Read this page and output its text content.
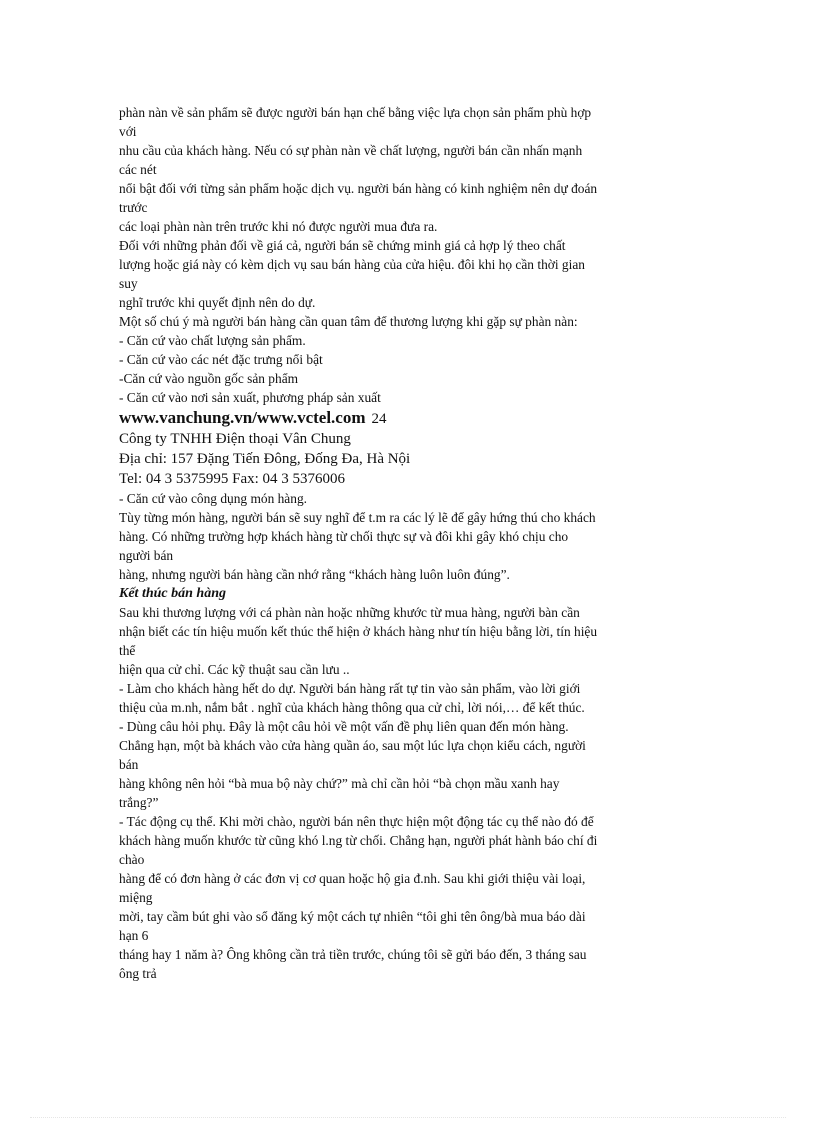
phàn nàn về sản phẩm sẽ được người bán hạn chế bằng việc lựa chọn sản phẩm phù hợp
với
nhu cầu của khách hàng. Nếu có sự phàn nàn về chất lượng, người bán cần nhấn mạnh
các nét
nổi bật đối với từng sản phẩm hoặc dịch vụ. người bán hàng có kinh nghiệm nên dự đoán
trước
các loại phàn nàn trên trước khi nó được người mua đưa ra.
Đối với những phản đối về giá cả, người bán sẽ chứng minh giá cả hợp lý theo chất
lượng hoặc giá này có kèm dịch vụ sau bán hàng của cửa hiệu. đôi khi họ cần thời gian
suy
nghĩ trước khi quyết định nên do dự.
Một số chú ý mà người bán hàng cần quan tâm để thương lượng khi gặp sự phàn nàn:
- Căn cứ vào chất lượng sản phẩm.
- Căn cứ vào các nét đặc trưng nổi bật
-Căn cứ vào nguồn gốc sản phẩm
- Căn cứ vào nơi sản xuất, phương pháp sản xuất
www.vanchung.vn/www.vctel.com 24
Công ty TNHH Điện thoại Vân Chung
Địa chỉ: 157 Đặng Tiến Đông, Đống Đa, Hà Nội
Tel: 04 3 5375995 Fax: 04 3 5376006
- Căn cứ vào công dụng món hàng.
Tùy từng món hàng, người bán sẽ suy nghĩ để t.m ra các lý lẽ để gây hứng thú cho khách
hàng. Có những trường hợp khách hàng từ chối thực sự và đôi khi gây khó chịu cho
người bán
hàng, nhưng người bán hàng cần nhớ rằng “khách hàng luôn luôn đúng”.
Kết thúc bán hàng
Sau khi thương lượng với cá phàn nàn hoặc những khước từ mua hàng, người bàn cần
nhận biết các tín hiệu muốn kết thúc thể hiện ở khách hàng như tín hiệu bằng lời, tín hiệu
thể
hiện qua cử chỉ. Các kỹ thuật sau cần lưu ..
- Làm cho khách hàng hết do dự. Người bán hàng rất tự tin vào sản phẩm, vào lời giới
thiệu của m.nh, nắm bắt . nghĩ của khách hàng thông qua cử chỉ, lời nói,… để kết thúc.
- Dùng câu hỏi phụ. Đây là một câu hỏi về một vấn đề phụ liên quan đến món hàng.
Chẳng hạn, một bà khách vào cửa hàng quần áo, sau một lúc lựa chọn kiểu cách, người
bán
hàng không nên hỏi “bà mua bộ này chứ?” mà chỉ cần hỏi “bà chọn mầu xanh hay
trắng?”
- Tác động cụ thể. Khi mời chào, người bán nên thực hiện một động tác cụ thể nào đó để
khách hàng muốn khước từ cũng khó l.ng từ chối. Chẳng hạn, người phát hành báo chí đi
chào
hàng để có đơn hàng ở các đơn vị cơ quan hoặc hộ gia đ.nh. Sau khi giới thiệu vài loại,
miệng
mời, tay cầm bút ghi vào sổ đăng ký một cách tự nhiên “tôi ghi tên ông/bà mua báo dài
hạn 6
tháng hay 1 năm à? Ông không cần trả tiền trước, chúng tôi sẽ gửi báo đến, 3 tháng sau
ông trả
